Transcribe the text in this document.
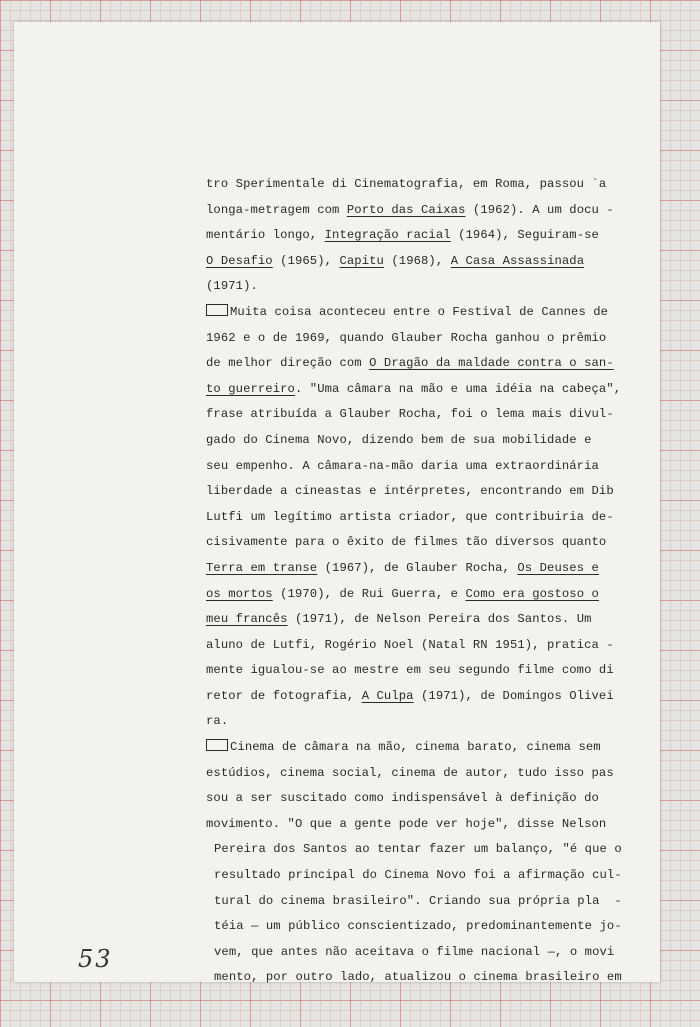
tro Sperimentale di Cinematografia, em Roma, passou `a
longa-metragem com Porto das Caixas (1962). A um docu -
mentário longo, Integração racial (1964), Seguiram-se
O Desafio (1965), Capitu (1968), A Casa Assassinada
(1971).
Muita coisa aconteceu entre o Festival de Cannes de
1962 e o de 1969, quando Glauber Rocha ganhou o prêmio
de melhor direção com O Dragão da maldade contra o san-
to guerreiro. "Uma câmara na mão e uma idéia na cabeça",
frase atribuída a Glauber Rocha, foi o lema mais divul-
gado do Cinema Novo, dizendo bem de sua mobilidade e
seu empenho. A câmara-na-mão daria uma extraordinária
liberdade a cineastas e intérpretes, encontrando em Dib
Lutfi um legítimo artista criador, que contribuiria de-
cisivamente para o êxito de filmes tão diversos quanto
Terra em transe (1967), de Glauber Rocha, Os Deuses e
os mortos (1970), de Rui Guerra, e Como era gostoso o
meu francês (1971), de Nelson Pereira dos Santos. Um
aluno de Lutfi, Rogério Noel (Natal RN 1951), pratica -
mente igualou-se ao mestre em seu segundo filme como di
retor de fotografia, A Culpa (1971), de Domingos Olivei
ra.
Cinema de câmara na mão, cinema barato, cinema sem
estúdios, cinema social, cinema de autor, tudo isso pas
sou a ser suscitado como indispensável à definição do
movimento. "O que a gente pode ver hoje", disse Nelson
Pereira dos Santos ao tentar fazer um balanço, "é que o
resultado principal do Cinema Novo foi a afirmação cul-
tural do cinema brasileiro". Criando sua própria pla  -
téia — um público conscientizado, predominantemente jo-
vem, que antes não aceitava o filme nacional —, o movi
mento, por outro lado, atualizou o cinema brasileiro em
53
